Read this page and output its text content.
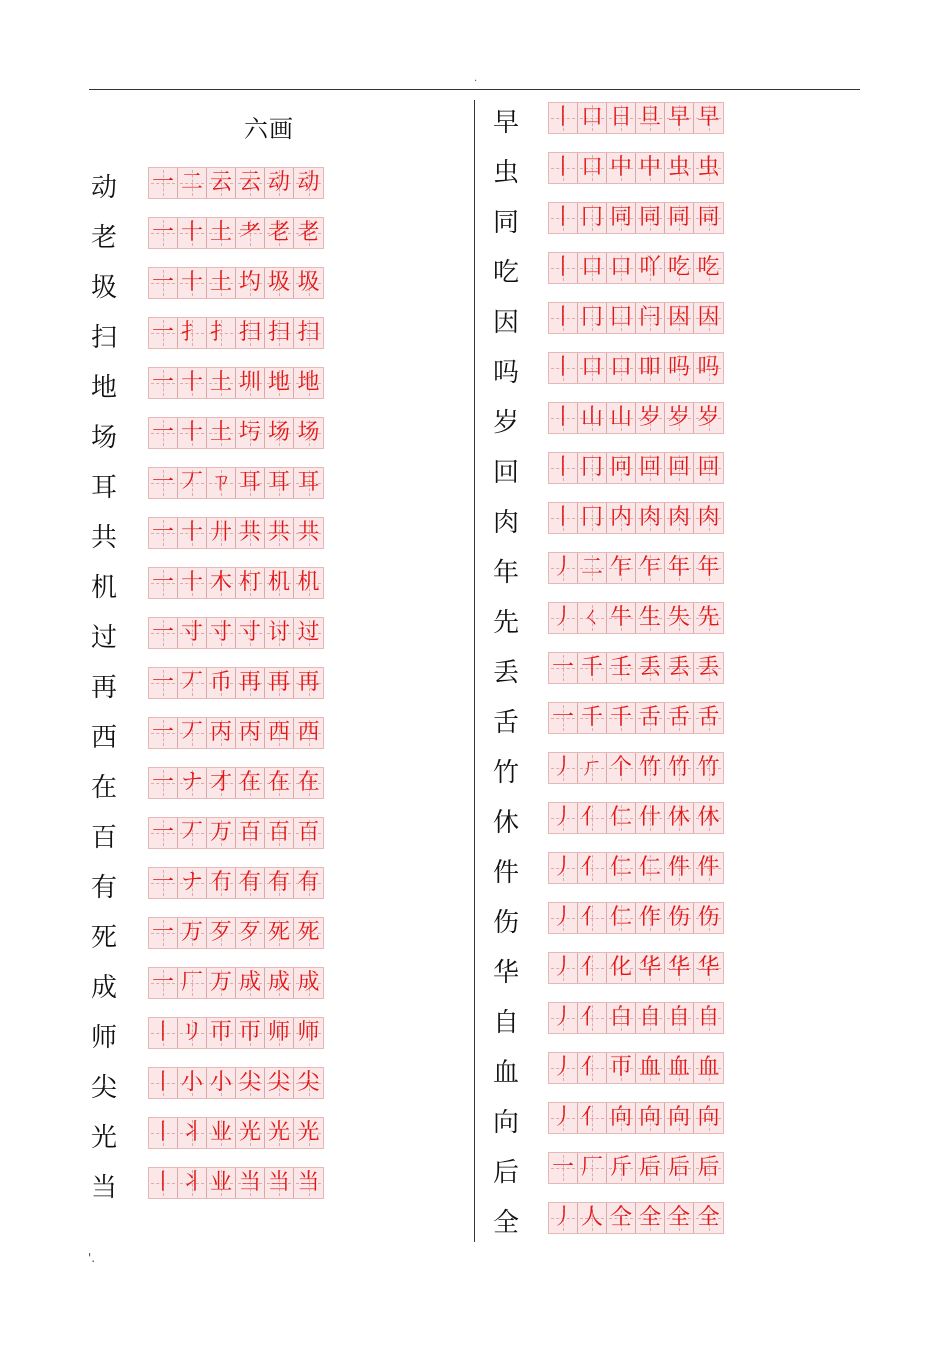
.
六画
动 一 二 云 云 动 动
老 一 十 土 耂 老 老
圾 一 十 土 圴 圾 圾
扫 一 扌 扌 扫 扫 扫
地 一 十 土 圳 地 地
场 一 十 土 圬 场 场
耳 一 丆 ㄗ 耳 耳 耳
共 一 十 廾 共 共 共
机 一 十 木 朾 机 机
过 一 寸 寸 寸 讨 过
再 一 丆 币 再 再 再
西 一 丆 丙 丙 西 西
在 一 ナ 才 在 在 在
百 一 丆 万 百 百 百
有 一 ナ 冇 有 有 有
死 一 万 歹 歹 死 死
成 一 厂 万 成 成 成
师 丨 リ 帀 帀 师 师
尖 丨 小 小 尖 尖 尖
光 丨 丬 业 光 光 光
当 丨 丬 业 当 当 当
早 丨 口 日 旦 早 早
虫 丨 口 中 中 虫 虫
同 丨 冂 同 同 同 同
吃 丨 口 口 吖 吃 吃
因 丨 冂 囗 闩 因 因
吗 丨 口 口 吅 吗 吗
岁 丨 山 山 岁 岁 岁
回 丨 冂 冋 回 回 回
肉 丨 冂 内 肉 肉 肉
年 丿 二 乍 乍 年 年
先 丿 ㄑ 牛 生 失 先
丢 一 千 壬 丢 丢 丢
舌 一 千 千 舌 舌 舌
竹 丿 ㄏ 个 竹 竹 竹
休 丿 亻 仁 什 休 休
件 丿 亻 仁 仁 件 件
伤 丿 亻 仁 作 伤 伤
华 丿 亻 化 华 华 华
自 丿 亻 白 自 自 自
血 丿 亻 帀 血 血 血
向 丿 亻 向 向 向 向
后 一 厂 斤 后 后 后
全 丿 人 仝 全 全 全
'.
